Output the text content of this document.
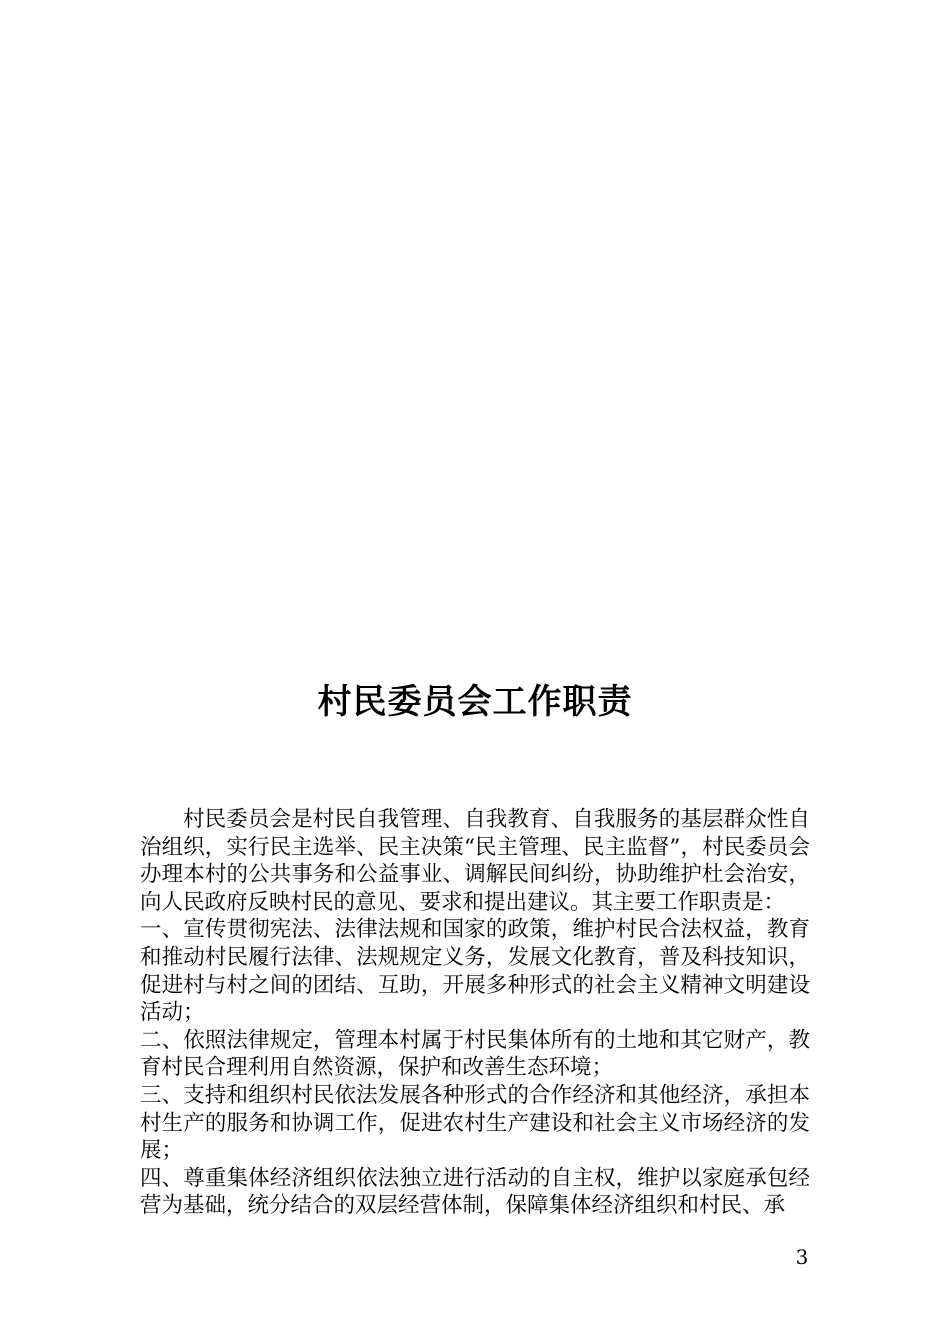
村民委员会工作职责

村民委员会是村民自我管理、自我教育、自我服务的基层群众性自治组织，实行民主选举、民主决策“民主管理、民主监督”，村民委员会办理本村的公共事务和公益事业、调解民间纠纷，协助维护杜会治安，向人民政府反映村民的意见、要求和提出建议。其主要工作职责是：

一、宣传贯彻宪法、法律法规和国家的政策，维护村民合法权益，教育和推动村民履行法律、法规规定义务，发展文化教育，普及科技知识，促进村与村之间的团结、互助，开展多种形式的社会主义精神文明建设活动；

二、依照法律规定，管理本村属于村民集体所有的土地和其它财产，教育村民合理利用自然资源，保护和改善生态环境；

三、支持和组织村民依法发展各种形式的合作经济和其他经济，承担本村生产的服务和协调工作，促进农村生产建设和社会主义市场经济的发展；

四、尊重集体经济组织依法独立进行活动的自主权，维护以家庭承包经营为基础，统分结合的双层经营体制，保障集体经济组织和村民、承

3
